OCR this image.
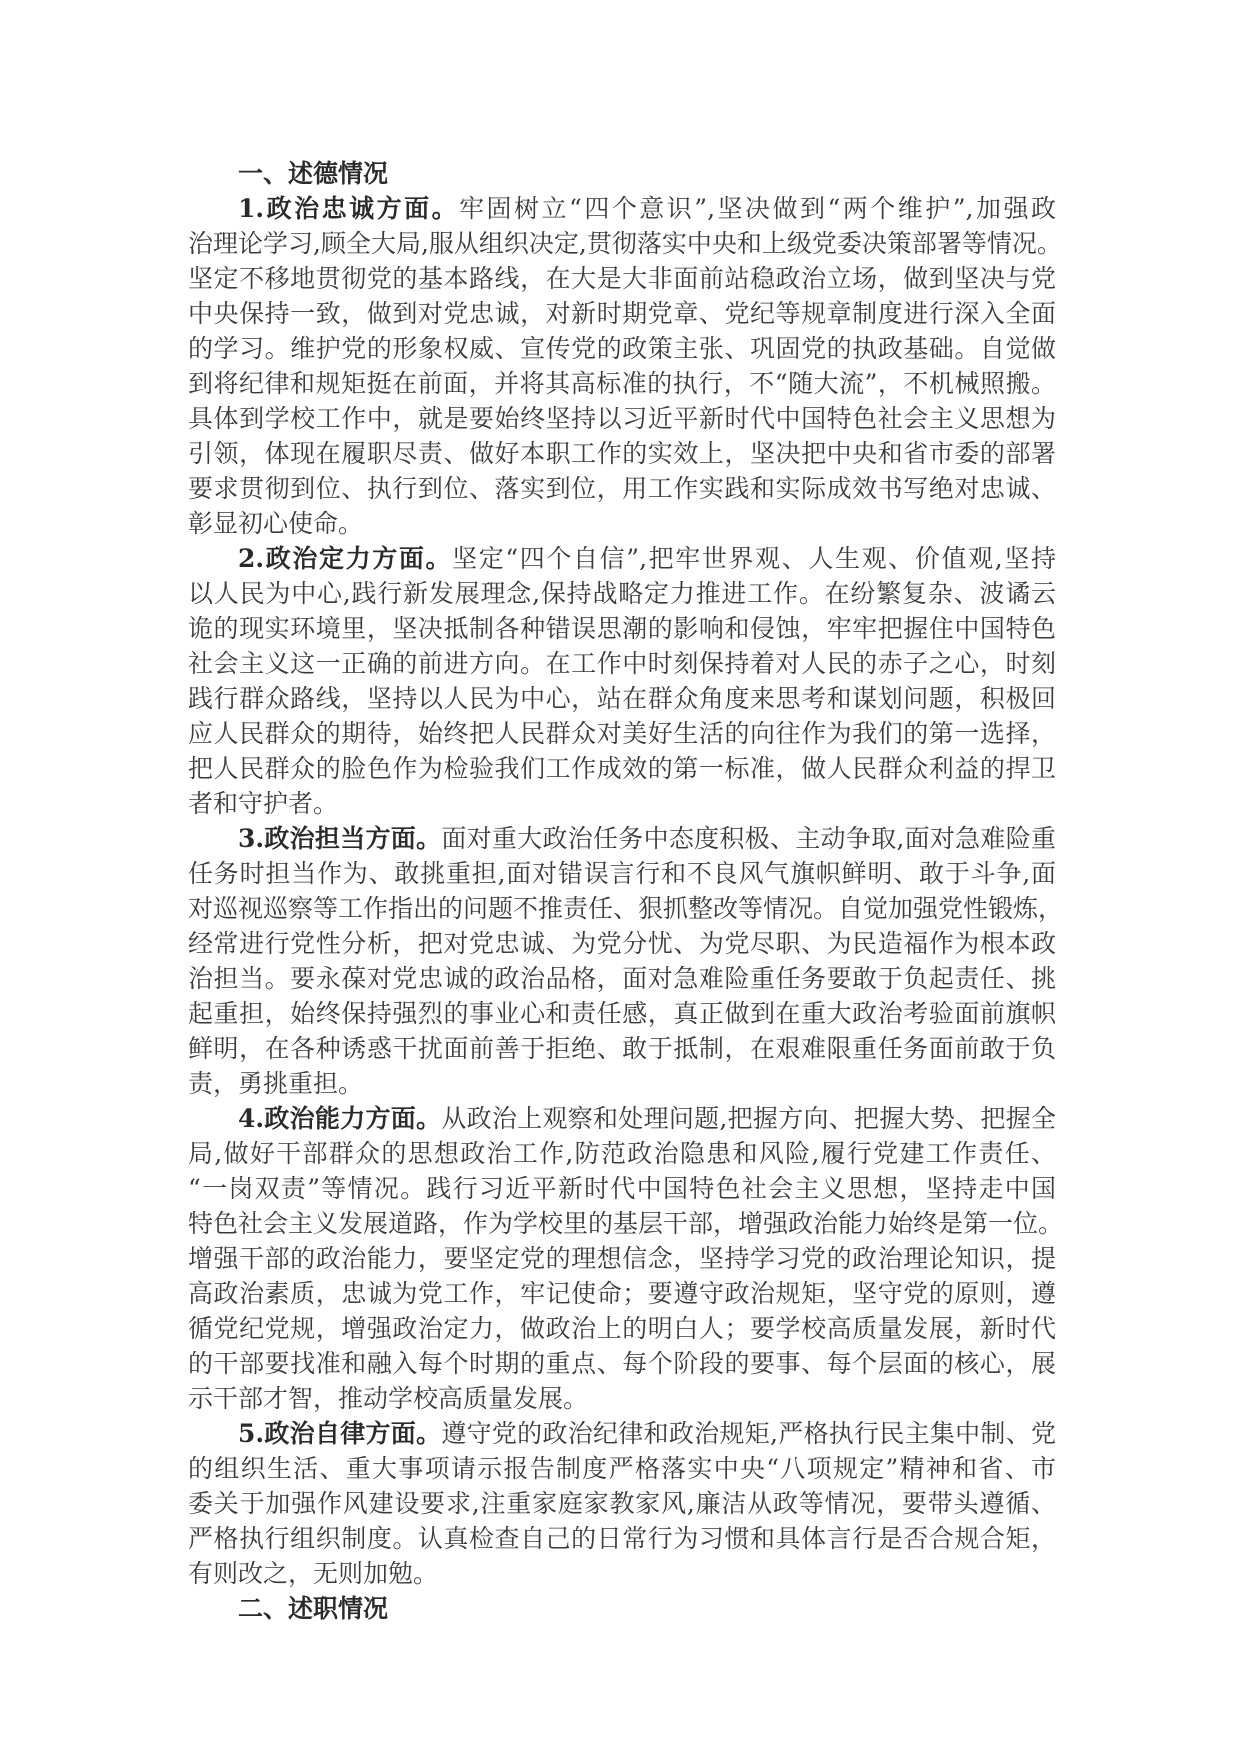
一、述德情况
1.政治忠诚方面。牢固树立“四个意识”,坚决做到“两个维护”,加强政
治理论学习,顾全大局,服从组织决定,贯彻落实中央和上级党委决策部署等情况。
坚定不移地贯彻党的基本路线，在大是大非面前站稳政治立场，做到坚决与党
中央保持一致，做到对党忠诚，对新时期党章、党纪等规章制度进行深入全面
的学习。维护党的形象权威、宣传党的政策主张、巩固党的执政基础。自觉做
到将纪律和规矩挺在前面，并将其高标准的执行，不“随大流”，不机械照搬。
具体到学校工作中，就是要始终坚持以习近平新时代中国特色社会主义思想为
引领，体现在履职尽责、做好本职工作的实效上，坚决把中央和省市委的部署
要求贯彻到位、执行到位、落实到位，用工作实践和实际成效书写绝对忠诚、
彰显初心使命。
2.政治定力方面。坚定“四个自信”,把牢世界观、人生观、价值观,坚持
以人民为中心,践行新发展理念,保持战略定力推进工作。在纷繁复杂、波谲云
诡的现实环境里，坚决抵制各种错误思潮的影响和侵蚀，牢牢把握住中国特色
社会主义这一正确的前进方向。在工作中时刻保持着对人民的赤子之心，时刻
践行群众路线，坚持以人民为中心，站在群众角度来思考和谋划问题，积极回
应人民群众的期待，始终把人民群众对美好生活的向往作为我们的第一选择，
把人民群众的脸色作为检验我们工作成效的第一标准，做人民群众利益的捍卫
者和守护者。
3.政治担当方面。面对重大政治任务中态度积极、主动争取,面对急难险重
任务时担当作为、敢挑重担,面对错误言行和不良风气旗帜鲜明、敢于斗争,面
对巡视巡察等工作指出的问题不推责任、狠抓整改等情况。自觉加强党性锻炼，
经常进行党性分析，把对党忠诚、为党分忧、为党尽职、为民造福作为根本政
治担当。要永葆对党忠诚的政治品格，面对急难险重任务要敢于负起责任、挑
起重担，始终保持强烈的事业心和责任感，真正做到在重大政治考验面前旗帜
鲜明，在各种诱惑干扰面前善于拒绝、敢于抵制，在艰难限重任务面前敢于负
责，勇挑重担。
4.政治能力方面。从政治上观察和处理问题,把握方向、把握大势、把握全
局,做好干部群众的思想政治工作,防范政治隐患和风险,履行党建工作责任、
“一岗双责”等情况。践行习近平新时代中国特色社会主义思想，坚持走中国
特色社会主义发展道路，作为学校里的基层干部，增强政治能力始终是第一位。
增强干部的政治能力，要坚定党的理想信念，坚持学习党的政治理论知识，提
高政治素质，忠诚为党工作，牢记使命；要遵守政治规矩，坚守党的原则，遵
循党纪党规，增强政治定力，做政治上的明白人；要学校高质量发展，新时代
的干部要找准和融入每个时期的重点、每个阶段的要事、每个层面的核心，展
示干部才智，推动学校高质量发展。
5.政治自律方面。遵守党的政治纪律和政治规矩,严格执行民主集中制、党
的组织生活、重大事项请示报告制度严格落实中央“八项规定”精神和省、市
委关于加强作风建设要求,注重家庭家教家风,廉洁从政等情况，要带头遵循、
严格执行组织制度。认真检查自己的日常行为习惯和具体言行是否合规合矩，
有则改之，无则加勉。
二、述职情况
